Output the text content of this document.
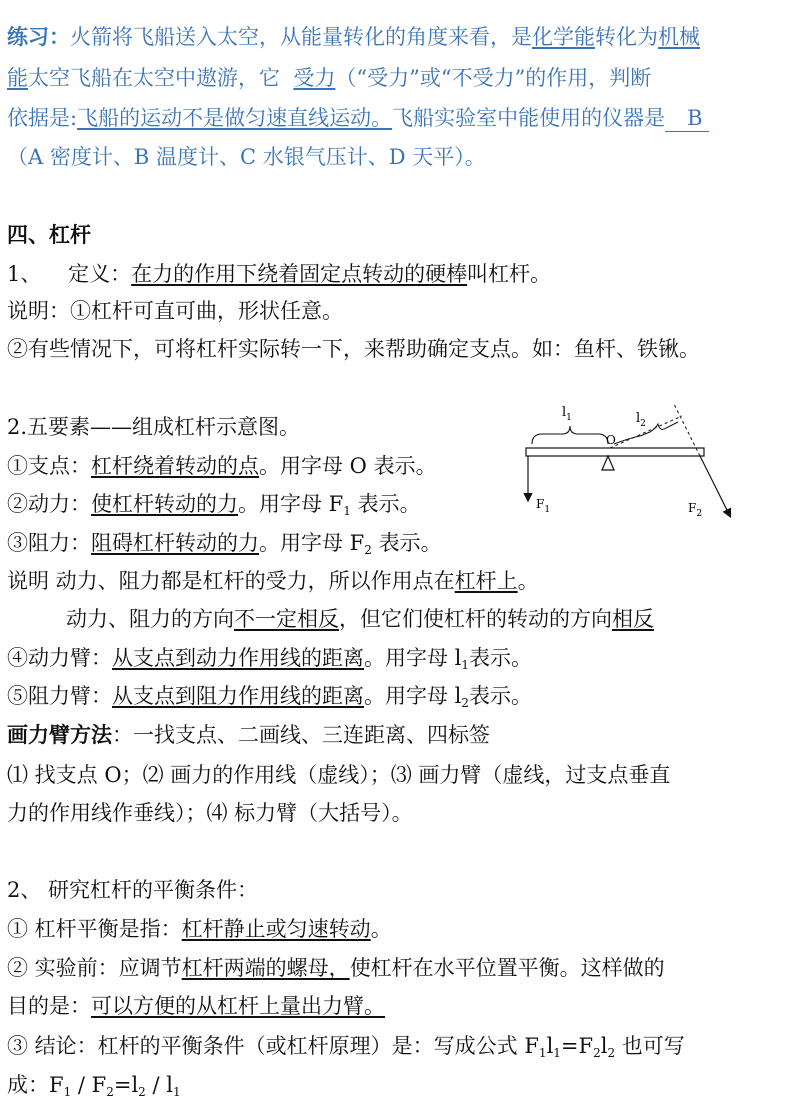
练习：火箭将飞船送入太空，从能量转化的角度来看，是化学能转化为机械
能太空飞船在太空中遨游，它 受力（“受力”或“不受力”的作用，判断
依据是:飞船的运动不是做匀速直线运动。飞船实验室中能使用的仪器是 B
（A 密度计、B 温度计、C 水银气压计、D 天平）。
四、杠杆
1、 定义：在力的作用下绕着固定点转动的硬棒叫杠杆。
说明：①杠杆可直可曲，形状任意。
②有些情况下，可将杠杆实际转一下，来帮助确定支点。如：鱼杆、铁锹。
2.五要素——组成杠杆示意图。
①支点：杠杆绕着转动的点。用字母 O 表示。
②动力：使杠杆转动的力。用字母 $F_1$ 表示。
③阻力：阻碍杠杆转动的力。用字母 $F_2$ 表示。
说明 动力、阻力都是杠杆的受力，所以作用点在杠杆上。
动力、阻力的方向不一定相反，但它们使杠杆的转动的方向相反
④动力臂：从支点到动力作用线的距离。用字母 $l_1$表示。
⑤阻力臂：从支点到阻力作用线的距离。用字母 $l_2$表示。
画力臂方法：一找支点、二画线、三连距离、四标签
⑴ 找支点 O；⑵ 画力的作用线（虚线）；⑶ 画力臂（虚线，过支点垂直
力的作用线作垂线）；⑷ 标力臂（大括号）。
2、 研究杠杆的平衡条件：
① 杠杆平衡是指：杠杆静止或匀速转动。
② 实验前：应调节杠杆两端的螺母，使杠杆在水平位置平衡。这样做的
目的是：可以方便的从杠杆上量出力臂。
③ 结论：杠杆的平衡条件（或杠杆原理）是：写成公式 $F_1l_1=F_2l_2$ 也可写
成：$F_1 / F_2=l_2 / l_1$
$l_1$	$l_2$
O
$F_1$	$F_2$
